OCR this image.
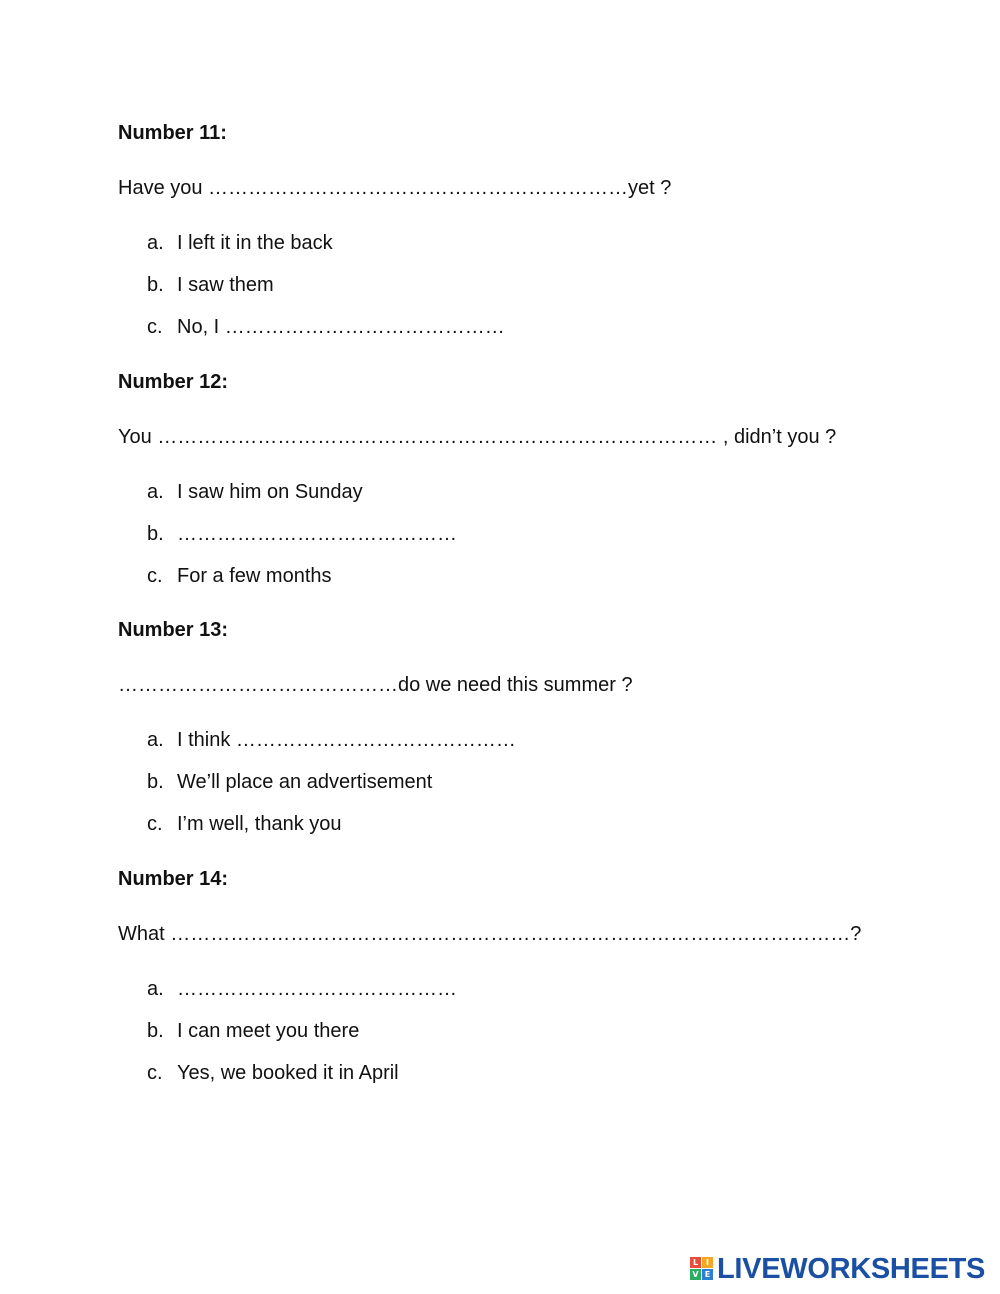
Number 11:
Have you ………………………………………………………yet ?
a. I left it in the back
b. I saw them
c. No, I ……………………………………
Number 12:
You ………………………………………………………………………… , didn’t you ?
a. I saw him on Sunday
b. ……………………………………
c. For a few months
Number 13:
……………………………………do we need this summer ?
a. I think ……………………………………
b. We’ll place an advertisement
c. I’m well, thank you
Number 14:
What …………………………………………………………………………………………?
a. ……………………………………
b. I can meet you there
c. Yes, we booked it in April
L I
V E LIVEWORKSHEETS
